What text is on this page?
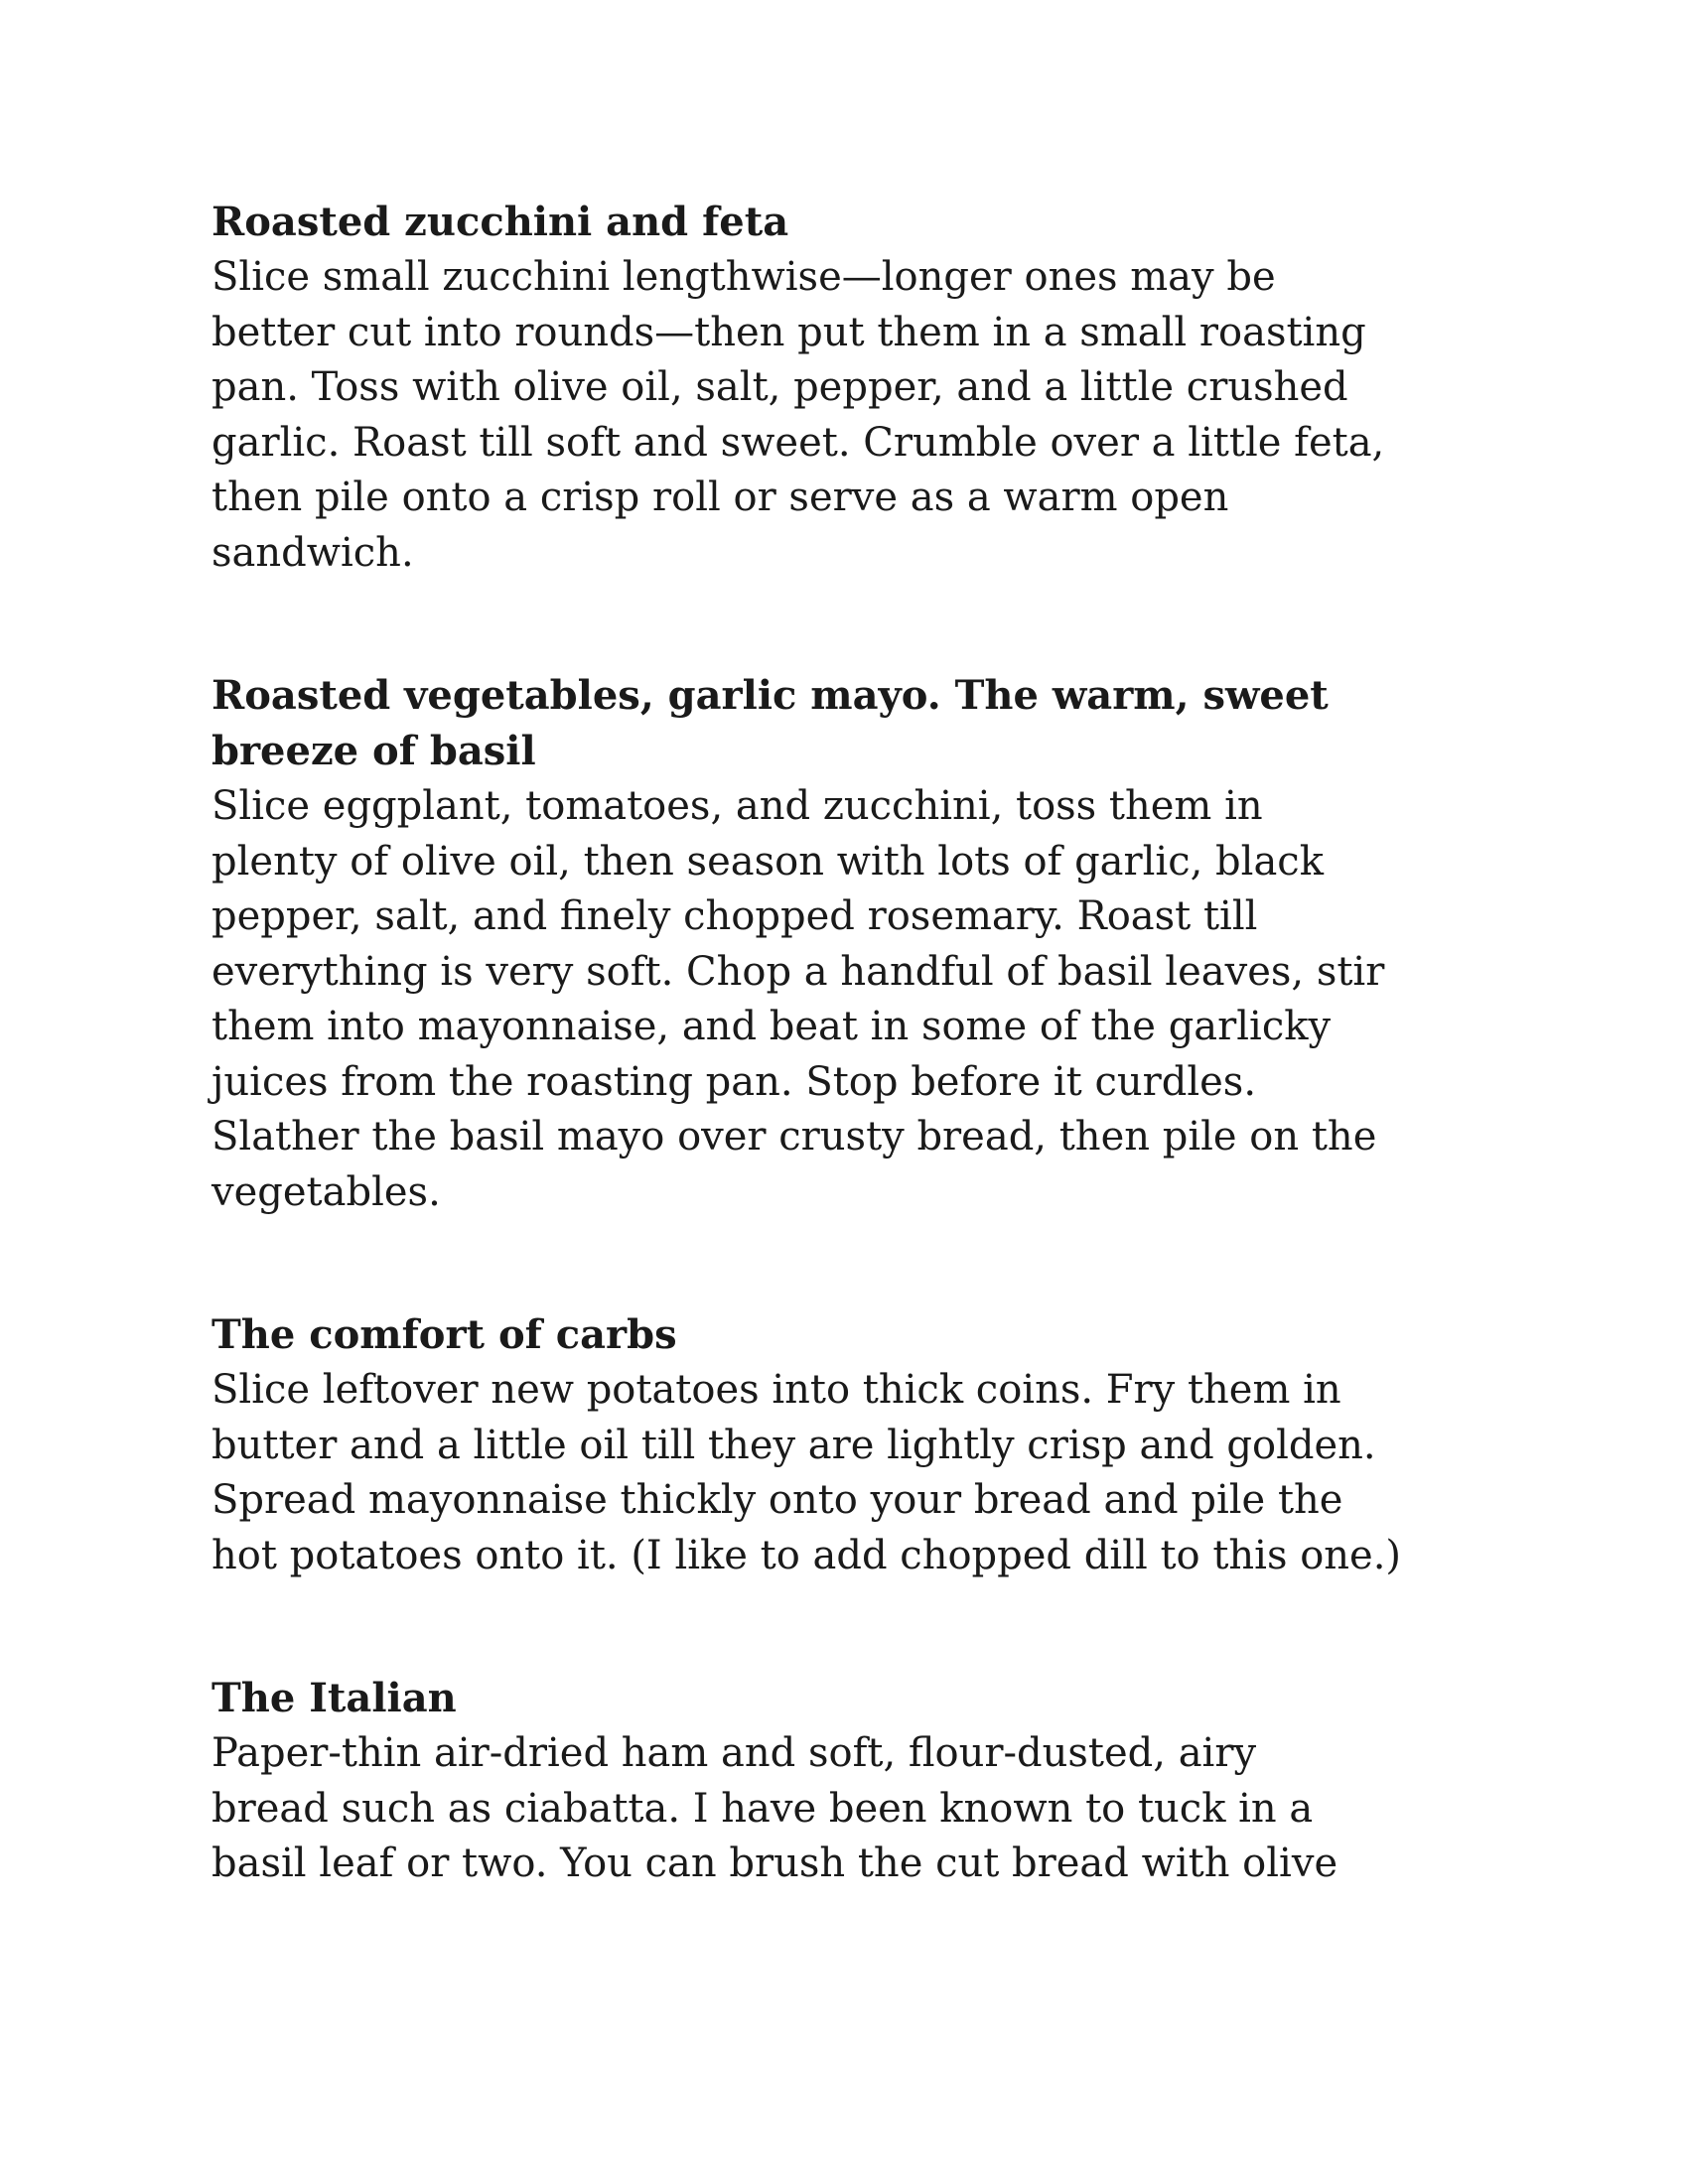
Roasted zucchini and feta

Slice small zucchini lengthwise—longer ones may be
better cut into rounds—then put them in a small roasting
pan. Toss with olive oil, salt, pepper, and a little crushed
garlic. Roast till soft and sweet. Crumble over a little feta,
then pile onto a crisp roll or serve as a warm open
sandwich.

Roasted vegetables, garlic mayo. The warm, sweet
breeze of basil

Slice eggplant, tomatoes, and zucchini, toss them in
plenty of olive oil, then season with lots of garlic, black
pepper, salt, and finely chopped rosemary. Roast till
everything is very soft. Chop a handful of basil leaves, stir
them into mayonnaise, and beat in some of the garlicky
juices from the roasting pan. Stop before it curdles.
Slather the basil mayo over crusty bread, then pile on the
vegetables.

The comfort of carbs

Slice leftover new potatoes into thick coins. Fry them in
butter and a little oil till they are lightly crisp and golden.
Spread mayonnaise thickly onto your bread and pile the
hot potatoes onto it. (I like to add chopped dill to this one.)

The Italian

Paper-thin air-dried ham and soft, flour-dusted, airy
bread such as ciabatta. I have been known to tuck in a
basil leaf or two. You can brush the cut bread with olive
